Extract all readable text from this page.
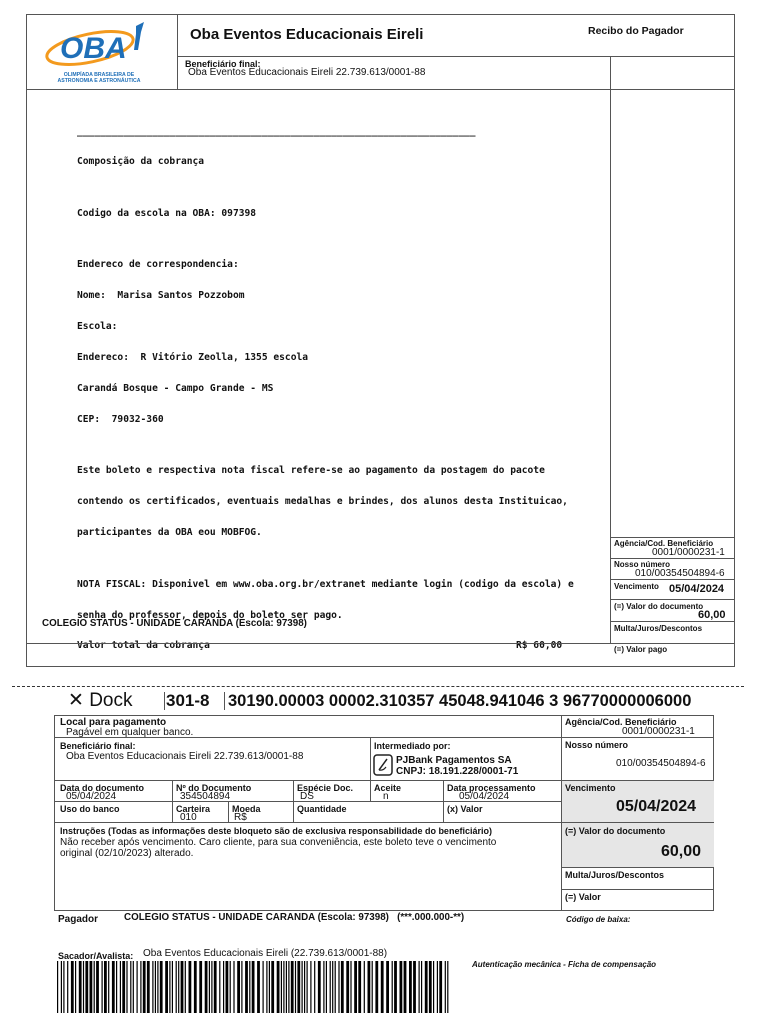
OBA
OLIMPÍADA BRASILEIRA DE
ASTRONOMIA E ASTRONÁUTICA
Oba Eventos Educacionais Eireli	Recibo do Pagador
Beneficiário final:
Oba Eventos Educacionais Eireli 22.739.613/0001-88

_____________________________________________________________________

Composição da cobrança

Codigo da escola na OBA: 097398

Endereco de correspondencia:

Nome:  Marisa Santos Pozzobom

Escola:

Endereco:  R Vitório Zeolla, 1355 escola

Carandá Bosque - Campo Grande - MS

CEP:  79032-360

Este boleto e respectiva nota fiscal refere-se ao pagamento da postagem do pacote

contendo os certificados, eventuais medalhas e brindes, dos alunos desta Instituicao,

participantes da OBA eou MOBFOG.

NOTA FISCAL: Disponivel em www.oba.org.br/extranet mediante login (codigo da escola) e

senha do professor, depois do boleto ser pago.

Valor total da cobrança                                                     R$ 60,00

Agência/Cod. Beneficiário
0001/0000231-1
Nosso número
010/00354504894-6
Vencimento 05/04/2024
(=) Valor do documento
60,00
Multa/Juros/Descontos
(=) Valor pago
COLEGIO STATUS - UNIDADE CARANDA (Escola: 97398)
✕ Dock 301-8 30190.00003 00002.310357 45048.941046 3 96770000006000
Local para pagamento
Pagável em qualquer banco.
Agência/Cod. Beneficiário
0001/0000231-1
Beneficiário final:
Oba Eventos Educacionais Eireli 22.739.613/0001-88
Intermediado por:
PJBank Pagamentos SA
CNPJ: 18.191.228/0001-71
Nosso número
010/00354504894-6
Data do documento
05/04/2024
Nº do Documento
354504894
Espécie Doc.
DS
Aceite
n
Data processamento
05/04/2024
Vencimento
05/04/2024
Uso do banco	Carteira
010
Moeda
R$
Quantidade	(x) Valor
Instruções (Todas as informações deste bloqueto são de exclusiva responsabilidade do beneficiário)
Não receber após vencimento. Caro cliente, para sua conveniência, este boleto teve o vencimento
original (02/10/2023) alterado.
(=) Valor do documento
60,00
Multa/Juros/Descontos
(=) Valor
Pagador	COLEGIO STATUS - UNIDADE CARANDA (Escola: 97398) (***.000.000-**)	Código de baixa:
Sacador/Avalista: Oba Eventos Educacionais Eireli (22.739.613/0001-88)
Autenticação mecânica - Ficha de compensação
